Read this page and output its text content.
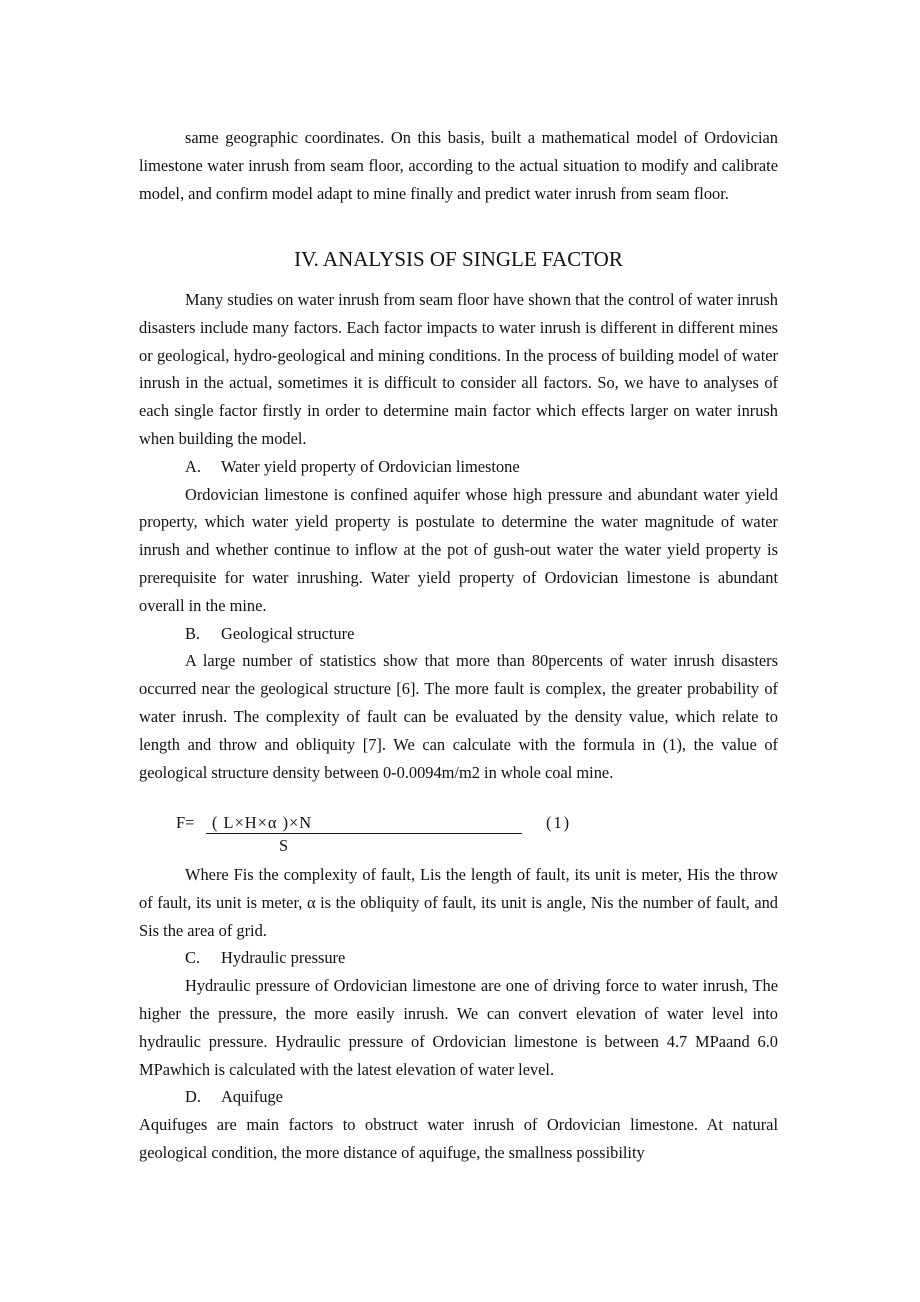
same geographic coordinates. On this basis, built a mathematical model of Ordovician limestone water inrush from seam floor, according to the actual situation to modify and calibrate model, and confirm model adapt to mine finally and predict water inrush from seam floor.

IV. ANALYSIS OF SINGLE FACTOR

Many studies on water inrush from seam floor have shown that the control of water inrush disasters include many factors. Each factor impacts to water inrush is different in different mines or geological, hydro-geological and mining conditions. In the process of building model of water inrush in the actual, sometimes it is difficult to consider all factors. So, we have to analyses of each single factor firstly in order to determine main factor which effects larger on water inrush when building the model.

A. Water yield property of Ordovician limestone

Ordovician limestone is confined aquifer whose high pressure and abundant water yield property, which water yield property is postulate to determine the water magnitude of water inrush and whether continue to inflow at the pot of gush-out water the water yield property is prerequisite for water inrushing. Water yield property of Ordovician limestone is abundant overall in the mine.

B. Geological structure

A large number of statistics show that more than 80percents of water inrush disasters occurred near the geological structure [6]. The more fault is complex, the greater probability of water inrush. The complexity of fault can be evaluated by the density value, which relate to length and throw and obliquity [7]. We can calculate with the formula in (1), the value of geological structure density between 0-0.0094m/m2 in whole coal mine.

F=	( L×H×α )×N
S
(1)

Where Fis the complexity of fault, Lis the length of fault, its unit is meter, His the throw of fault, its unit is meter, α is the obliquity of fault, its unit is angle, Nis the number of fault, and Sis the area of grid.

C. Hydraulic pressure

Hydraulic pressure of Ordovician limestone are one of driving force to water inrush, The higher the pressure, the more easily inrush. We can convert elevation of water level into hydraulic pressure. Hydraulic pressure of Ordovician limestone is between 4.7 MPaand 6.0 MPawhich is calculated with the latest elevation of water level.

D. Aquifuge

Aquifuges are main factors to obstruct water inrush of Ordovician limestone. At natural geological condition, the more distance of aquifuge, the smallness possibility
